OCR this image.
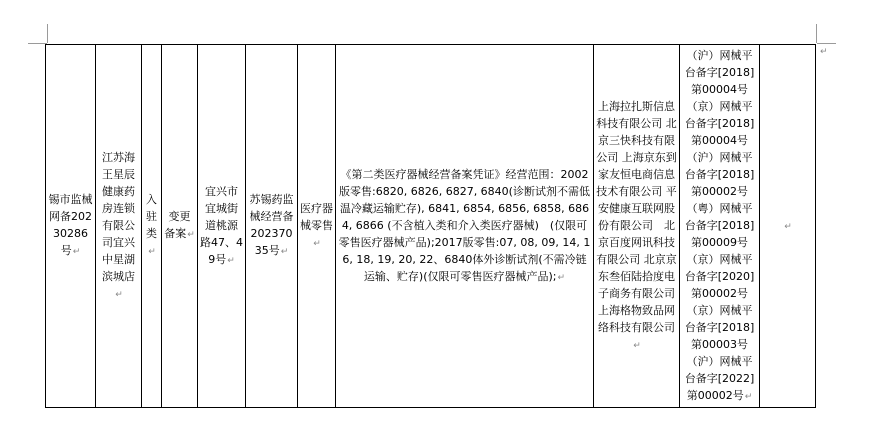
锡市监械网备20230286号↵	江苏海王星辰健康药房连锁有限公司宜兴中星湖滨城店↵	入驻类↵	变更备案↵	宜兴市宜城街道桃源路47、49号↵	苏锡药监械经营备20237035号↵	医疗器械零售↵	《第二类医疗器械经营备案凭证》经营范围：2002版零售:6820, 6826, 6827, 6840(诊断试剂不需低温冷藏运输贮存), 6841, 6854, 6856, 6858, 6864, 6866 (不含植入类和介入类医疗器械)　(仅限可零售医疗器械产品);2017版零售:07, 08, 09, 14, 16, 18, 19, 20, 22、6840体外诊断试剂(不需冷链运输、贮存)(仅限可零售医疗器械产品);↵	上海拉扎斯信息科技有限公司 北京三快科技有限公司 上海京东到家友恒电商信息技术有限公司 平安健康互联网股份有限公司　北京百度网讯科技有限公司 北京京东叁佰陆拾度电子商务有限公司 上海格物致品网络科技有限公司↵	（沪）网械平台备字[2018]第00004号 （京）网械平台备字[2018]第00004号 （沪）网械平台备字[2018]第00002号 （粤）网械平台备字[2018]第00009号 （京）网械平台备字[2020]第00002号 （京）网械平台备字[2018]第00003号 （沪）网械平台备字[2022]第00002号↵	↵
↵
